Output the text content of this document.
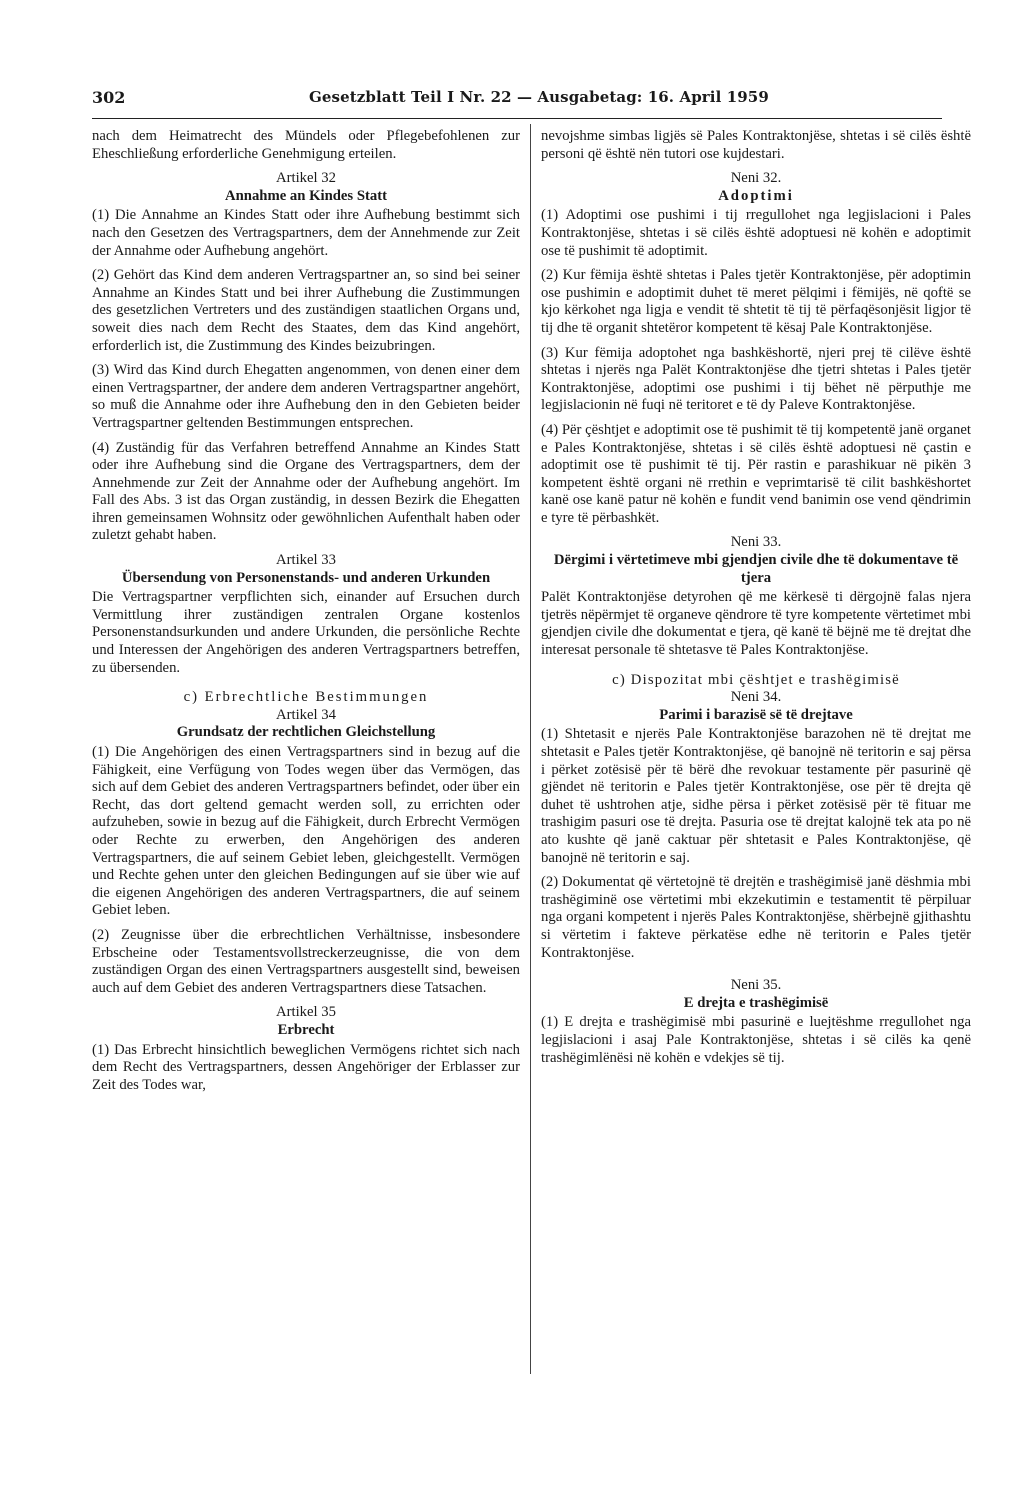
302	Gesetzblatt Teil I Nr. 22 — Ausgabetag: 16. April 1959

nach dem Heimatrecht des Mündels oder Pflegebefohlenen zur Eheschließung erforderliche Genehmigung erteilen.

Artikel 32

Annahme an Kindes Statt

(1) Die Annahme an Kindes Statt oder ihre Aufhebung bestimmt sich nach den Gesetzen des Vertragspartners, dem der Annehmende zur Zeit der Annahme oder Aufhebung angehört.

(2) Gehört das Kind dem anderen Vertragspartner an, so sind bei seiner Annahme an Kindes Statt und bei ihrer Aufhebung die Zustimmungen des gesetzlichen Vertreters und des zuständigen staatlichen Organs und, soweit dies nach dem Recht des Staates, dem das Kind angehört, erforderlich ist, die Zustimmung des Kindes beizubringen.

(3) Wird das Kind durch Ehegatten angenommen, von denen einer dem einen Vertragspartner, der andere dem anderen Vertragspartner angehört, so muß die Annahme oder ihre Aufhebung den in den Gebieten beider Vertragspartner geltenden Bestimmungen entsprechen.

(4) Zuständig für das Verfahren betreffend Annahme an Kindes Statt oder ihre Aufhebung sind die Organe des Vertragspartners, dem der Annehmende zur Zeit der Annahme oder der Aufhebung angehört. Im Fall des Abs. 3 ist das Organ zuständig, in dessen Bezirk die Ehegatten ihren gemeinsamen Wohnsitz oder gewöhnlichen Aufenthalt haben oder zuletzt gehabt haben.

Artikel 33

Übersendung von Personenstands- und anderen Urkunden

Die Vertragspartner verpflichten sich, einander auf Ersuchen durch Vermittlung ihrer zuständigen zentralen Organe kostenlos Personenstandsurkunden und andere Urkunden, die persönliche Rechte und Interessen der Angehörigen des anderen Vertragspartners betreffen, zu übersenden.

c) Erbrechtliche Bestimmungen

Artikel 34

Grundsatz der rechtlichen Gleichstellung

(1) Die Angehörigen des einen Vertragspartners sind in bezug auf die Fähigkeit, eine Verfügung von Todes wegen über das Vermögen, das sich auf dem Gebiet des anderen Vertragspartners befindet, oder über ein Recht, das dort geltend gemacht werden soll, zu errichten oder aufzuheben, sowie in bezug auf die Fähigkeit, durch Erbrecht Vermögen oder Rechte zu erwerben, den Angehörigen des anderen Vertragspartners, die auf seinem Gebiet leben, gleichgestellt. Vermögen und Rechte gehen unter den gleichen Bedingungen auf sie über wie auf die eigenen Angehörigen des anderen Vertragspartners, die auf seinem Gebiet leben.

(2) Zeugnisse über die erbrechtlichen Verhältnisse, insbesondere Erbscheine oder Testamentsvollstreckerzeugnisse, die von dem zuständigen Organ des einen Vertragspartners ausgestellt sind, beweisen auch auf dem Gebiet des anderen Vertragspartners diese Tatsachen.

Artikel 35

Erbrecht

(1) Das Erbrecht hinsichtlich beweglichen Vermögens richtet sich nach dem Recht des Vertragspartners, dessen Angehöriger der Erblasser zur Zeit des Todes war,

nevojshme simbas ligjës së Pales Kontraktonjëse, shtetas i së cilës është personi që është nën tutori ose kujdestari.

Neni 32.

Adoptimi

(1) Adoptimi ose pushimi i tij rregullohet nga legjislacioni i Pales Kontraktonjëse, shtetas i së cilës është adoptuesi në kohën e adoptimit ose të pushimit të adoptimit.

(2) Kur fëmija është shtetas i Pales tjetër Kontraktonjëse, për adoptimin ose pushimin e adoptimit duhet të meret pëlqimi i fëmijës, në qoftë se kjo kërkohet nga ligja e vendit të shtetit të tij të përfaqësonjësit ligjor të tij dhe të organit shtetëror kompetent të kësaj Pale Kontraktonjëse.

(3) Kur fëmija adoptohet nga bashkëshortë, njeri prej të cilëve është shtetas i njerës nga Palët Kontraktonjëse dhe tjetri shtetas i Pales tjetër Kontraktonjëse, adoptimi ose pushimi i tij bëhet në përputhje me legjislacionin në fuqi në teritoret e të dy Paleve Kontraktonjëse.

(4) Për çështjet e adoptimit ose të pushimit të tij kompetentë janë organet e Pales Kontraktonjëse, shtetas i së cilës është adoptuesi në çastin e adoptimit ose të pushimit të tij. Për rastin e parashikuar në pikën 3 kompetent është organi në rrethin e veprimtarisë të cilit bashkëshortet kanë ose kanë patur në kohën e fundit vend banimin ose vend qëndrimin e tyre të përbashkët.

Neni 33.

Dërgimi i vërtetimeve mbi gjendjen civile dhe të dokumentave të tjera

Palët Kontraktonjëse detyrohen që me kërkesë ti dërgojnë falas njera tjetrës nëpërmjet të organeve qëndrore të tyre kompetente vërtetimet mbi gjendjen civile dhe dokumentat e tjera, që kanë të bëjnë me të drejtat dhe interesat personale të shtetasve të Pales Kontraktonjëse.

c) Dispozitat mbi çështjet e trashëgimisë

Neni 34.

Parimi i barazisë së të drejtave

(1) Shtetasit e njerës Pale Kontraktonjëse barazohen në të drejtat me shtetasit e Pales tjetër Kontraktonjëse, që banojnë në teritorin e saj përsa i përket zotësisë për të bërë dhe revokuar testamente për pasurinë që gjëndet në teritorin e Pales tjetër Kontraktonjëse, ose për të drejta që duhet të ushtrohen atje, sidhe përsa i përket zotësisë për të fituar me trashigim pasuri ose të drejta. Pasuria ose të drejtat kalojnë tek ata po në ato kushte që janë caktuar për shtetasit e Pales Kontraktonjëse, që banojnë në teritorin e saj.

(2) Dokumentat që vërtetojnë të drejtën e trashëgimisë janë dëshmia mbi trashëgiminë ose vërtetimi mbi ekzekutimin e testamentit të përpiluar nga organi kompetent i njerës Pales Kontraktonjëse, shërbejnë gjithashtu si vërtetim i fakteve përkatëse edhe në teritorin e Pales tjetër Kontraktonjëse.

Neni 35.

E drejta e trashëgimisë

(1) E drejta e trashëgimisë mbi pasurinë e luejtëshme rregullohet nga legjislacioni i asaj Pale Kontraktonjëse, shtetas i së cilës ka qenë trashëgimlënësi në kohën e vdekjes së tij.
